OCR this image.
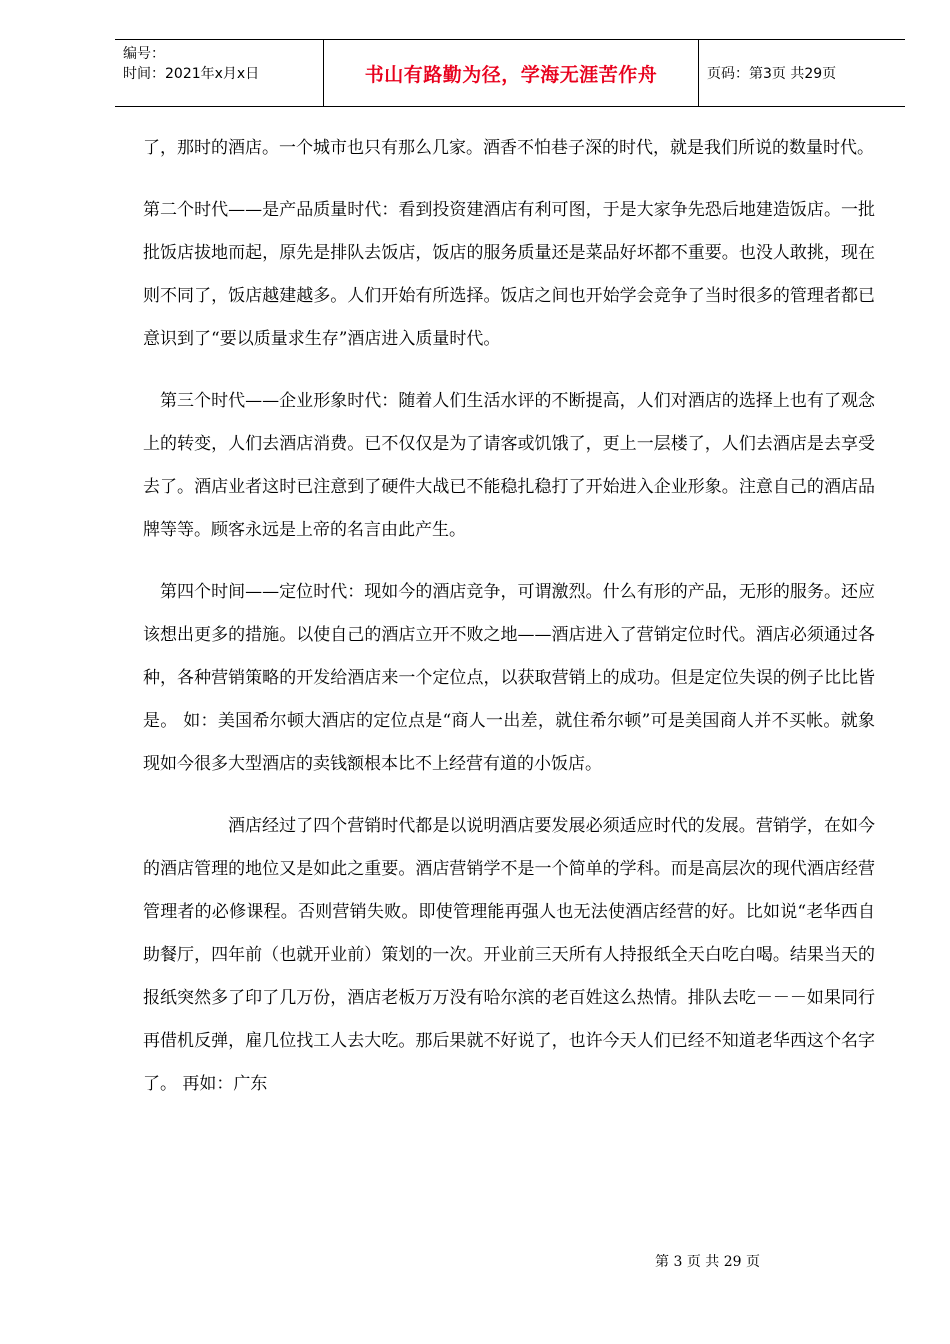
编号：
时间：2021年x月x日	书山有路勤为径，学海无涯苦作舟	页码：第3页 共29页

了，那时的酒店。一个城市也只有那么几家。酒香不怕巷子深的时代，就是我们所说的数量时代。

第二个时代——是产品质量时代：看到投资建酒店有利可图，于是大家争先恐后地建造饭店。一批批饭店拔地而起，原先是排队去饭店，饭店的服务质量还是菜品好坏都不重要。也没人敢挑，现在则不同了，饭店越建越多。人们开始有所选择。饭店之间也开始学会竞争了当时很多的管理者都已意识到了“要以质量求生存”酒店进入质量时代。

第三个时代——企业形象时代：随着人们生活水评的不断提高，人们对酒店的选择上也有了观念上的转变，人们去酒店消费。已不仅仅是为了请客或饥饿了，更上一层楼了，人们去酒店是去享受去了。酒店业者这时已注意到了硬件大战已不能稳扎稳打了开始进入企业形象。注意自己的酒店品牌等等。顾客永远是上帝的名言由此产生。

第四个时间——定位时代：现如今的酒店竞争，可谓激烈。什么有形的产品，无形的服务。还应该想出更多的措施。以使自己的酒店立开不败之地——酒店进入了营销定位时代。酒店必须通过各种，各种营销策略的开发给酒店来一个定位点，以获取营销上的成功。但是定位失误的例子比比皆是。 如：美国希尔顿大酒店的定位点是“商人一出差，就住希尔顿”可是美国商人并不买帐。就象现如今很多大型酒店的卖钱额根本比不上经营有道的小饭店。

酒店经过了四个营销时代都是以说明酒店要发展必须适应时代的发展。营销学，在如今的酒店管理的地位又是如此之重要。酒店营销学不是一个简单的学科。而是高层次的现代酒店经营管理者的必修课程。否则营销失败。即使管理能再强人也无法使酒店经营的好。比如说“老华西自助餐厅，四年前（也就开业前）策划的一次。开业前三天所有人持报纸全天白吃白喝。结果当天的报纸突然多了印了几万份，酒店老板万万没有哈尔滨的老百姓这么热情。排队去吃－－－如果同行再借机反弹，雇几位找工人去大吃。那后果就不好说了，也许今天人们已经不知道老华西这个名字了。 再如：广东

第 3 页 共 29 页
